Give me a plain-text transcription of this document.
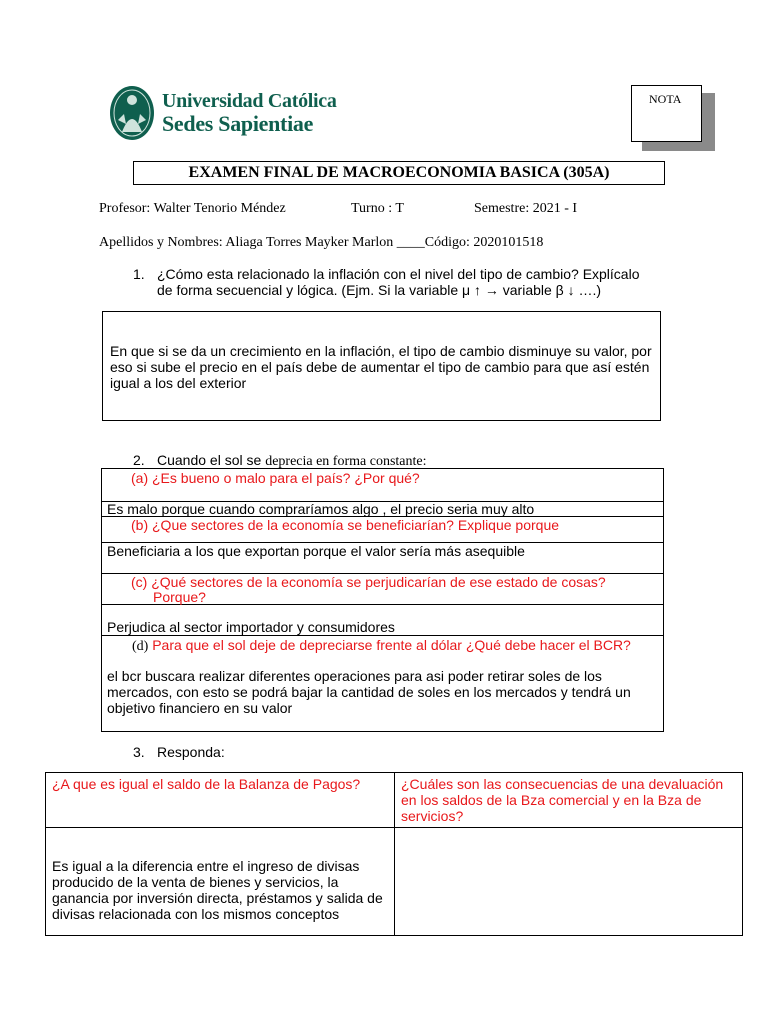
Universidad Católica
Sedes Sapientiae
NOTA
EXAMEN FINAL DE MACROECONOMIA BASICA (305A)
Profesor: Walter Tenorio Méndez	Turno : T	Semestre: 2021 - I
Apellidos y Nombres: Aliaga Torres Mayker Marlon ____Código: 2020101518
1. ¿Cómo esta relacionado la inflación con el nivel del tipo de cambio? Explícalo
de forma secuencial y lógica. (Ejm. Si la variable μ ↑ → variable β ↓ ….)
En que si se da un crecimiento en la inflación, el tipo de cambio disminuye su valor, por eso si sube el precio en el país debe de aumentar el tipo de cambio para que así estén igual a los del exterior
2. Cuando el sol se deprecia en forma constante:
(a) ¿Es bueno o malo para el país? ¿Por qué?
Es malo porque cuando compraríamos algo , el precio seria muy alto
(b) ¿Que sectores de la economía se beneficiarían? Explique porque
Beneficiaria a los que exportan porque el valor sería más asequible
(c) ¿Qué sectores de la economía se perjudicarían de ese estado de cosas?
Porque?
Perjudica al sector importador y consumidores
(d) Para que el sol deje de depreciarse frente al dólar ¿Qué debe hacer el BCR?
el bcr buscara realizar diferentes operaciones para asi poder retirar soles de los mercados, con esto se podrá bajar la cantidad de soles en los mercados y tendrá un objetivo financiero en su valor
3. Responda:
¿A que es igual el saldo de la Balanza de Pagos?	¿Cuáles son las consecuencias de una devaluación en los saldos de la Bza comercial y en la Bza de servicios?

Es igual a la diferencia entre el ingreso de divisas producido de la venta de bienes y servicios, la ganancia por inversión directa, préstamos y salida de divisas relacionada con los mismos conceptos	
